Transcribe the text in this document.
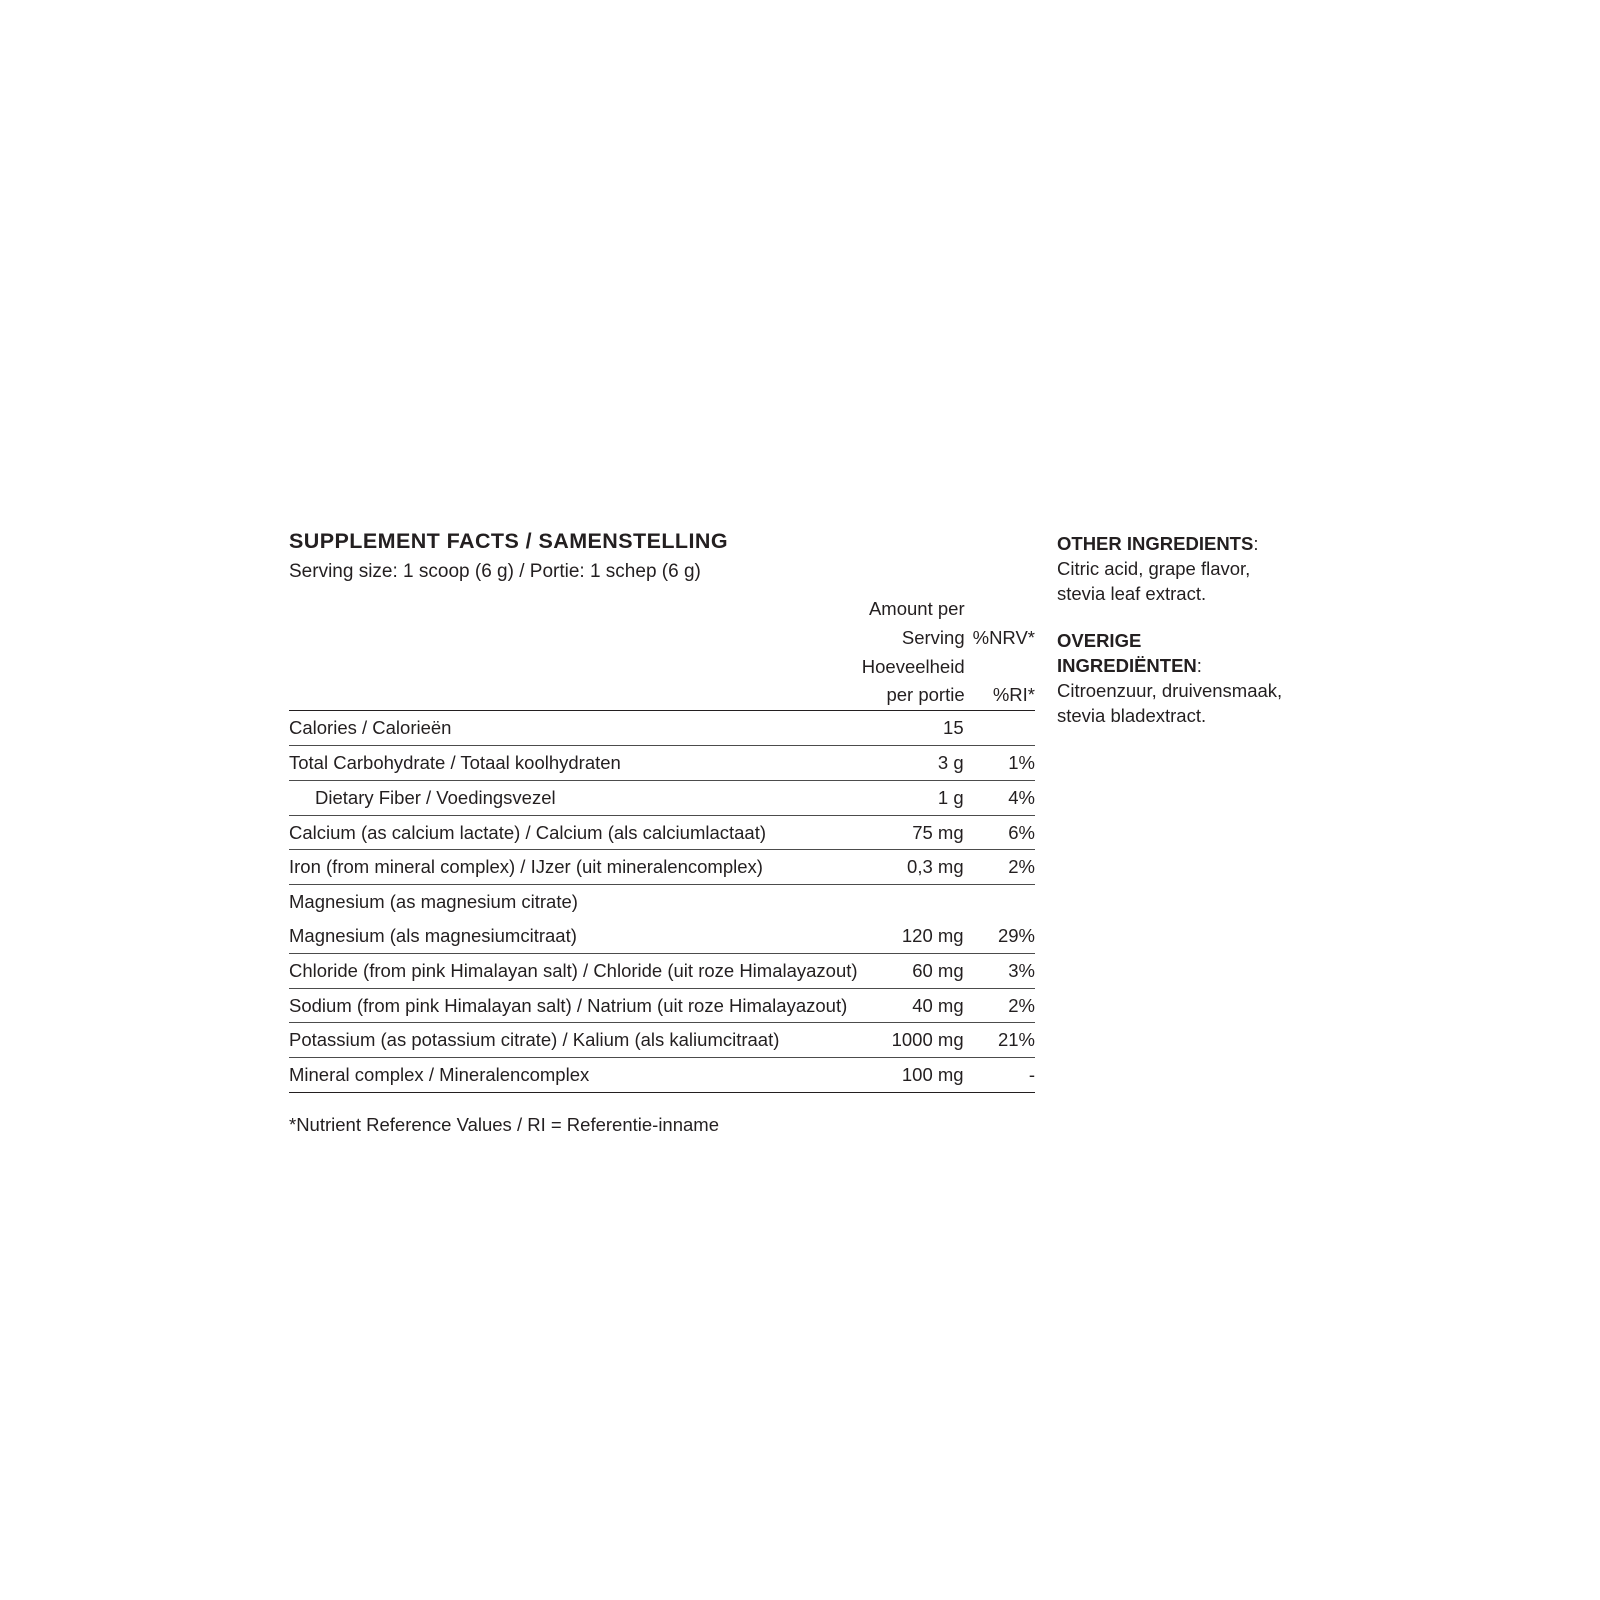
SUPPLEMENT FACTS / SAMENSTELLING
Serving size: 1 scoop (6 g) / Portie: 1 schep (6 g)
	Amount per Serving	%NRV*
	Hoeveelheid per portie	%RI*
Calories / Calorieën	15	
Total Carbohydrate / Totaal koolhydraten	3 g	1%
Dietary Fiber / Voedingsvezel	1 g	4%
Calcium (as calcium lactate) / Calcium (als calciumlactaat)	75 mg	6%
Iron (from mineral complex) / IJzer (uit mineralencomplex)	0,3 mg	2%
Magnesium (as magnesium citrate)		
Magnesium (als magnesiumcitraat)	120 mg	29%
Chloride (from pink Himalayan salt) / Chloride (uit roze Himalayazout)	60 mg	3%
Sodium (from pink Himalayan salt) / Natrium (uit roze Himalayazout)	40 mg	2%
Potassium (as potassium citrate) / Kalium (als kaliumcitraat)	1000 mg	21%
Mineral complex / Mineralencomplex	100 mg	-

*Nutrient Reference Values / RI = Referentie-inname

OTHER INGREDIENTS: Citric acid, grape flavor, stevia leaf extract.

OVERIGE INGREDIËNTEN: Citroenzuur, druivensmaak, stevia bladextract.
